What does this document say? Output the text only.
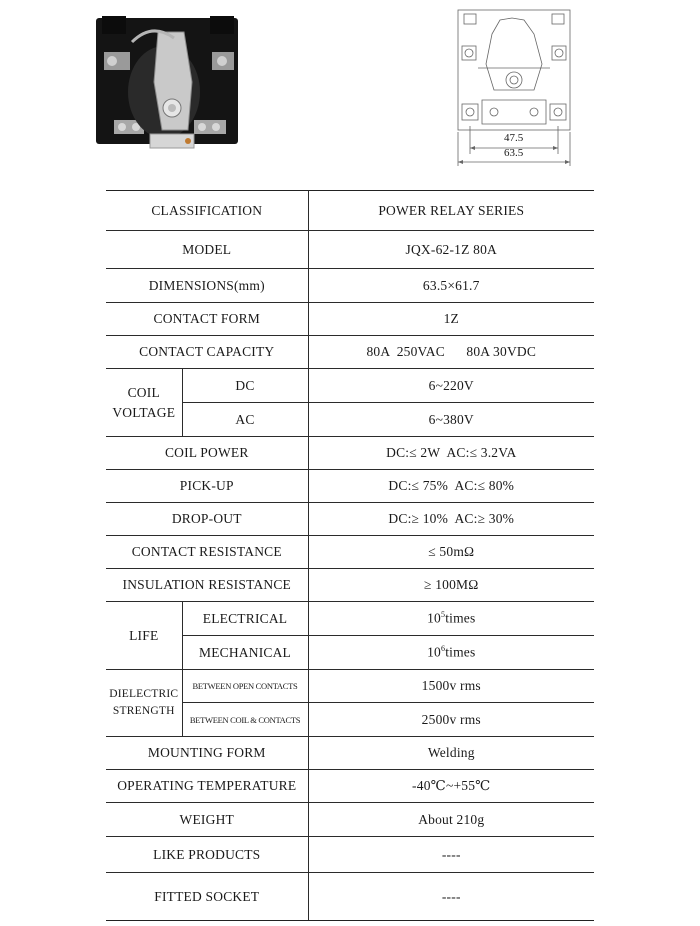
47.5
63.5
CLASSIFICATION		POWER RELAY SERIES
MODEL		JQX-62-1Z 80A
DIMENSIONS(mm)		63.5×61.7
CONTACT FORM		1Z
CONTACT CAPACITY		80A  250VAC      80A 30VDC

COIL
VOLTAGE	DC	6~220V
	AC	6~380V
COIL POWER		DC:≤ 2W  AC:≤ 3.2VA
PICK-UP		DC:≤ 75%  AC:≤ 80%
DROP-OUT		DC:≥ 10%  AC:≥ 30%
CONTACT RESISTANCE		≤ 50mΩ
INSULATION RESISTANCE		≥ 100MΩ
LIFE	ELECTRICAL	$10^5times$
	MECHANICAL	$10^6times$

DIELECTRIC
STRENGTH	BETWEEN OPEN CONTACTS	1500v rms
	BETWEEN COIL & CONTACTS	2500v rms
MOUNTING FORM		Welding
OPERATING TEMPERATURE		-40℃~+55℃
WEIGHT		About 210g
LIKE PRODUCTS		----
FITTED SOCKET		----
